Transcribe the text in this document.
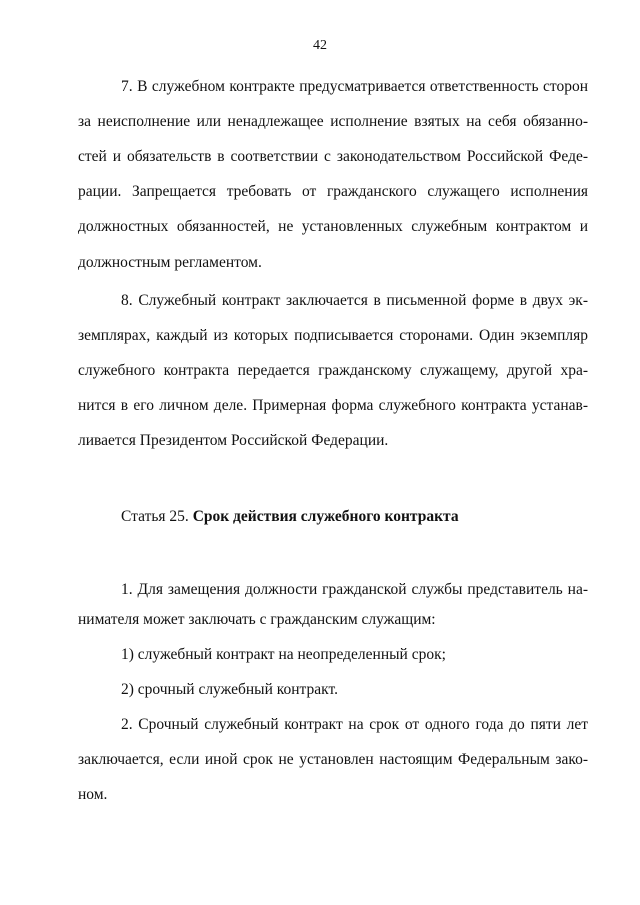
42
7. В служебном контракте предусматривается ответственность сторон
за неисполнение или ненадлежащее исполнение взятых на себя обязанно-
стей и обязательств в соответствии с законодательством Российской Феде-
рации. Запрещается требовать от гражданского служащего исполнения
должностных обязанностей, не установленных служебным контрактом и
должностным регламентом.
8. Служебный контракт заключается в письменной форме в двух эк-
земплярах, каждый из которых подписывается сторонами. Один экземпляр
служебного контракта передается гражданскому служащему, другой хра-
нится в его личном деле. Примерная форма служебного контракта устанав-
ливается Президентом Российской Федерации.
Статья 25. Срок действия служебного контракта
1. Для замещения должности гражданской службы представитель на-
нимателя может заключать с гражданским служащим:
1) служебный контракт на неопределенный срок;
2) срочный служебный контракт.
2. Срочный служебный контракт на срок от одного года до пяти лет
заключается, если иной срок не установлен настоящим Федеральным зако-
ном.
